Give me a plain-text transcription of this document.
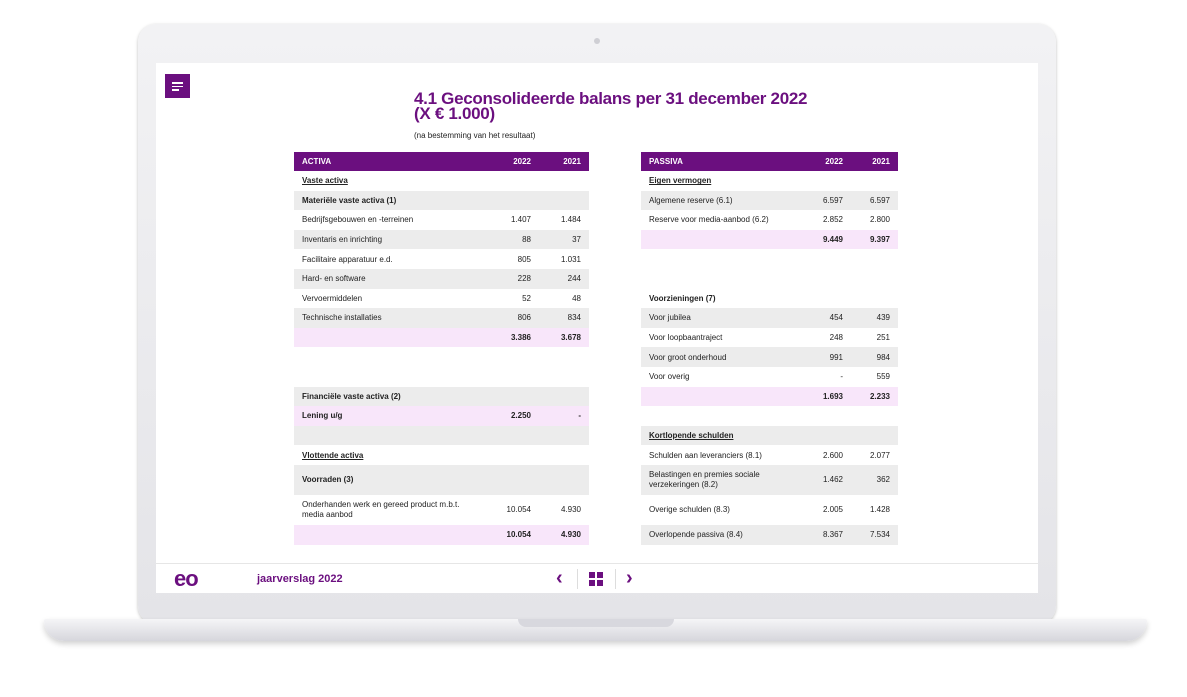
4.1 Geconsolideerde balans per 31 december 2022 (X € 1.000)
(na bestemming van het resultaat)
ACTIVA	2022	2021
Vaste activa		
Materiële vaste activa (1)		
Bedrijfsgebouwen en -terreinen	1.407	1.484
Inventaris en inrichting	88	37
Facilitaire apparatuur e.d.	805	1.031
Hard- en software	228	244
Vervoermiddelen	52	48
Technische installaties	806	834
	3.386	3.678

Financiële vaste activa (2)		
Lening u/g	2.250	-

Vlottende activa		
Voorraden (3)		
Onderhanden werk en gereed product m.b.t. media aanbod	10.054	4.930
	10.054	4.930
PASSIVA	2022	2021
Eigen vermogen		
Algemene reserve (6.1)	6.597	6.597
Reserve voor media-aanbod (6.2)	2.852	2.800
	9.449	9.397

Voorzieningen (7)		
Voor jubilea	454	439
Voor loopbaantraject	248	251
Voor groot onderhoud	991	984
Voor overig	-	559
	1.693	2.233

Kortlopende schulden		
Schulden aan leveranciers (8.1)	2.600	2.077
Belastingen en premies sociale verzekeringen (8.2)	1.462	362
Overige schulden (8.3)	2.005	1.428
Overlopende passiva (8.4)	8.367	7.534
eo	jaarverslag 2022	‹	›
